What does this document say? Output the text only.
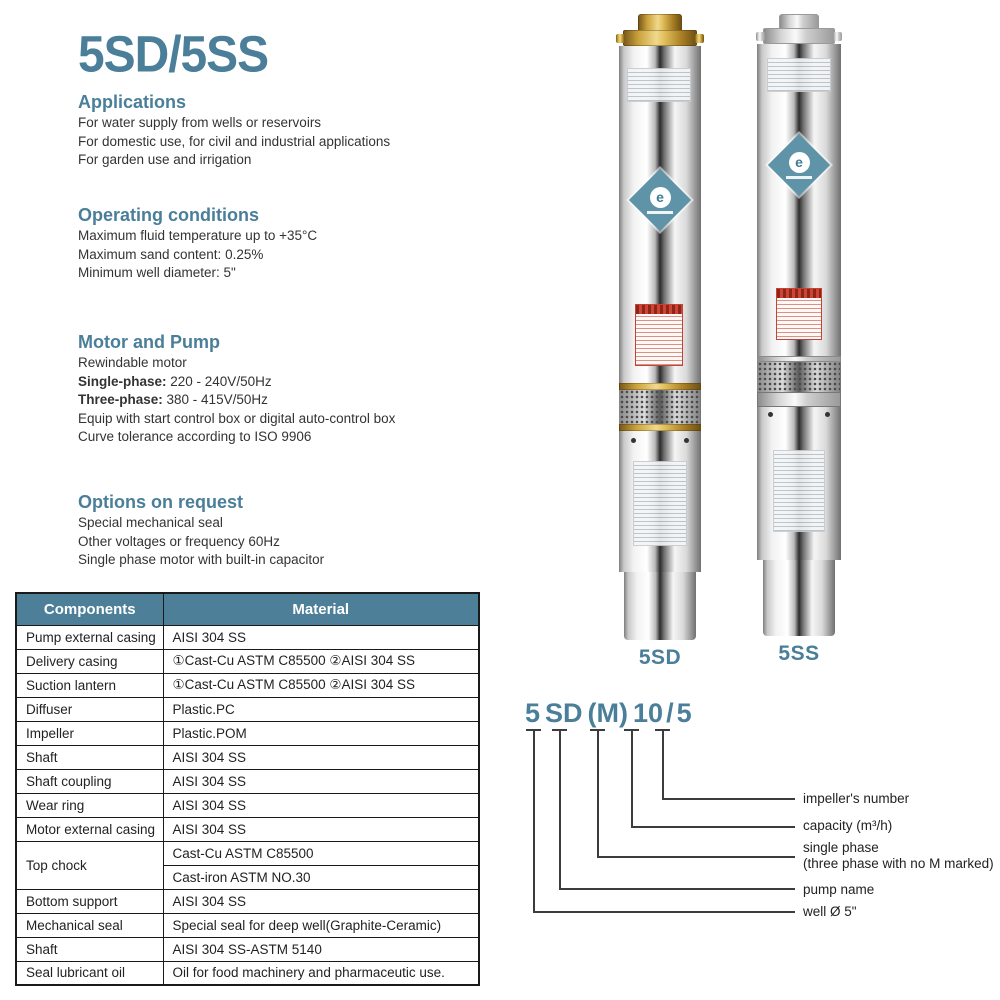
5SD/5SS
Applications
For water supply from wells or reservoirs
For domestic use, for civil and industrial applications
For garden use and irrigation
Operating conditions
Maximum fluid temperature up to +35°C
Maximum sand content: 0.25%
Minimum well diameter: 5"
Motor and Pump
Rewindable motor
Single-phase: 220 - 240V/50Hz
Three-phase: 380 - 415V/50Hz
Equip with start control box or digital auto-control box
Curve tolerance according to ISO 9906
Options on request
Special mechanical seal
Other voltages or frequency 60Hz
Single phase motor with built-in capacitor
Components	Material
Pump external casing	AISI 304 SS
Delivery casing	①Cast-Cu ASTM C85500 ②AISI 304 SS
Suction lantern	①Cast-Cu ASTM C85500 ②AISI 304 SS
Diffuser	Plastic.PC
Impeller	Plastic.POM
Shaft	AISI 304 SS
Shaft coupling	AISI 304 SS
Wear ring	AISI 304 SS
Motor external casing	AISI 304 SS
Top chock	Cast-Cu ASTM C85500
	Cast-iron ASTM NO.30
Bottom support	AISI 304 SS
Mechanical seal	Special seal for deep well(Graphite-Ceramic)
Shaft	AISI 304 SS-ASTM 5140
Seal lubricant oil	Oil for food machinery and pharmaceutic use.
e
5SD
e
5SS
5 SD (M) 10 / 5
impeller's number
capacity (m³/h)
single phase
(three phase with no M marked)
pump name
well Ø 5"
